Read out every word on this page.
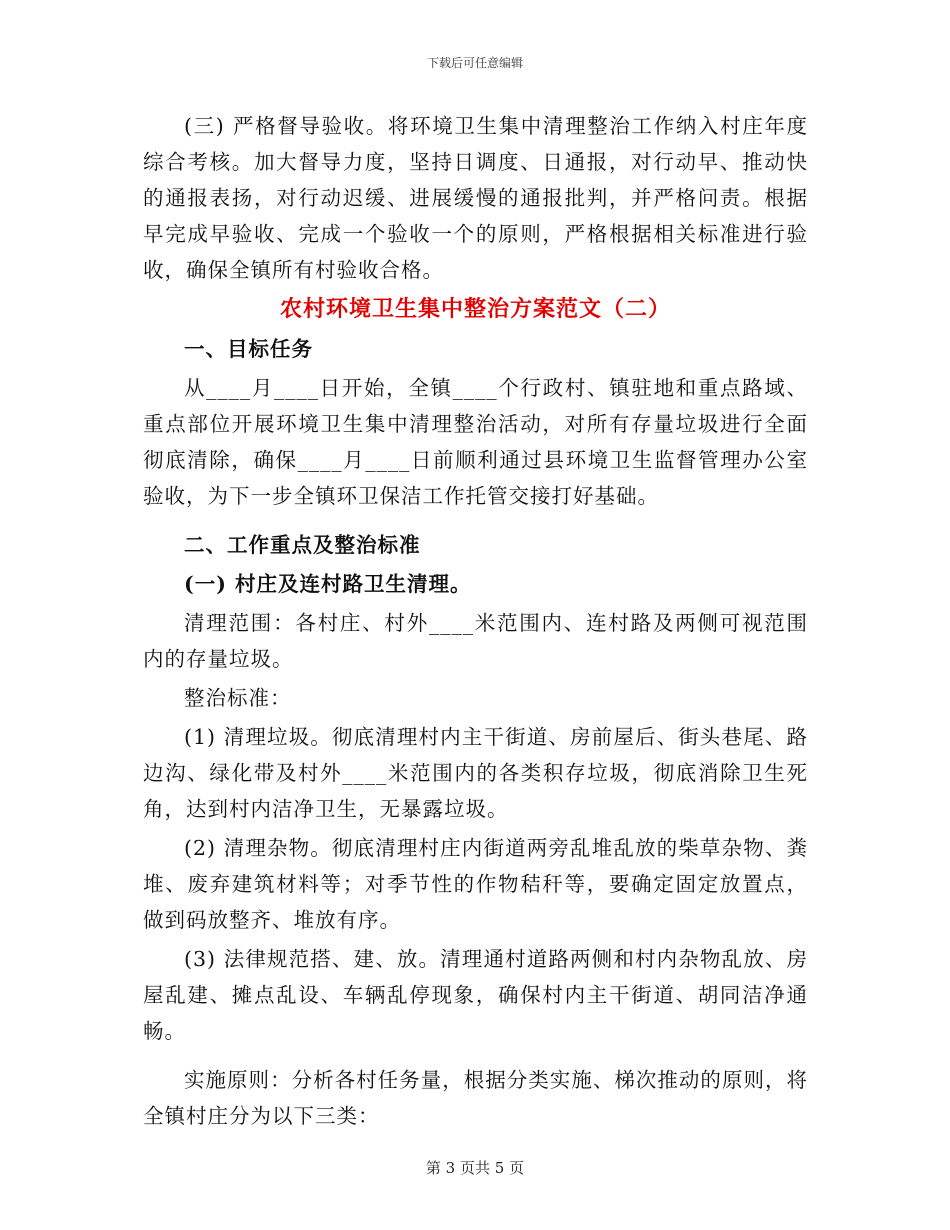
下载后可任意编辑

(三) 严格督导验收。将环境卫生集中清理整治工作纳入村庄年度综合考核。加大督导力度，坚持日调度、日通报，对行动早、推动快的通报表扬，对行动迟缓、进展缓慢的通报批判，并严格问责。根据早完成早验收、完成一个验收一个的原则，严格根据相关标准进行验收，确保全镇所有村验收合格。

农村环境卫生集中整治方案范文（二）

一、目标任务

从____月____日开始，全镇____个行政村、镇驻地和重点路域、重点部位开展环境卫生集中清理整治活动，对所有存量垃圾进行全面彻底清除，确保____月____日前顺利通过县环境卫生监督管理办公室验收，为下一步全镇环卫保洁工作托管交接打好基础。

二、工作重点及整治标准

(一) 村庄及连村路卫生清理。

清理范围：各村庄、村外____米范围内、连村路及两侧可视范围内的存量垃圾。

整治标准：

(1) 清理垃圾。彻底清理村内主干街道、房前屋后、街头巷尾、路边沟、绿化带及村外____米范围内的各类积存垃圾，彻底消除卫生死角，达到村内洁净卫生，无暴露垃圾。

(2) 清理杂物。彻底清理村庄内街道两旁乱堆乱放的柴草杂物、粪堆、废弃建筑材料等；对季节性的作物秸秆等，要确定固定放置点，做到码放整齐、堆放有序。

(3) 法律规范搭、建、放。清理通村道路两侧和村内杂物乱放、房屋乱建、摊点乱设、车辆乱停现象，确保村内主干街道、胡同洁净通畅。

实施原则：分析各村任务量，根据分类实施、梯次推动的原则，将全镇村庄分为以下三类：

第 3 页共 5 页
